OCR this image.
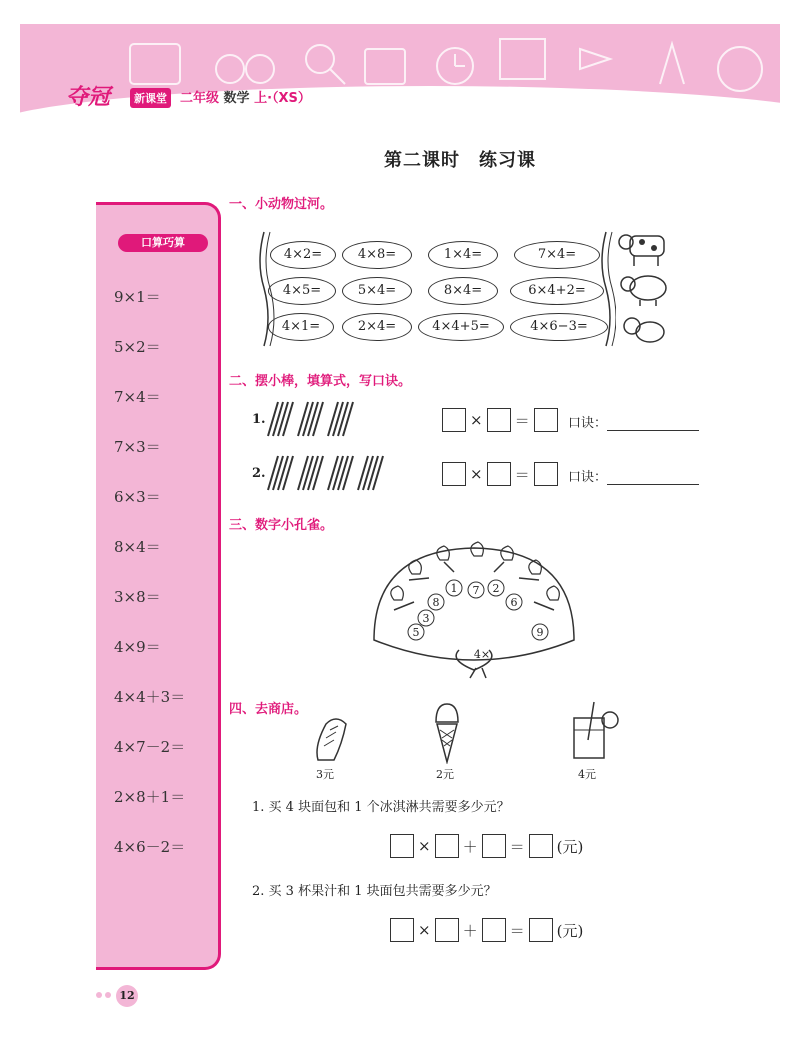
夺冠	新课堂	二年级 数学 上·（XS）
第二课时　练习课
口算巧算
9×1＝
5×2＝
7×4＝
7×3＝
6×3＝
8×4＝
3×8＝
4×9＝
4×4＋3＝
4×7－2＝
2×8＋1＝
4×6－2＝
一、小动物过河。
4×2=	4×8=	1×4=	7×4=
4×5=	5×4=	8×4=	6×4+2=
4×1=	2×4=	4×4+5=	4×6−3=
二、摆小棒，填算式，写口诀。
1.	× ＝	口诀：
2.	× ＝	口诀：
三、数字小孔雀。
8
1 7 2
3
6
5	9
4×
四、去商店。
3元	2元	4元
1. 买 4 块面包和 1 个冰淇淋共需要多少元？
× ＋ ＝ (元)
2. 买 3 杯果汁和 1 块面包共需要多少元？
× ＋ ＝ (元)
12
